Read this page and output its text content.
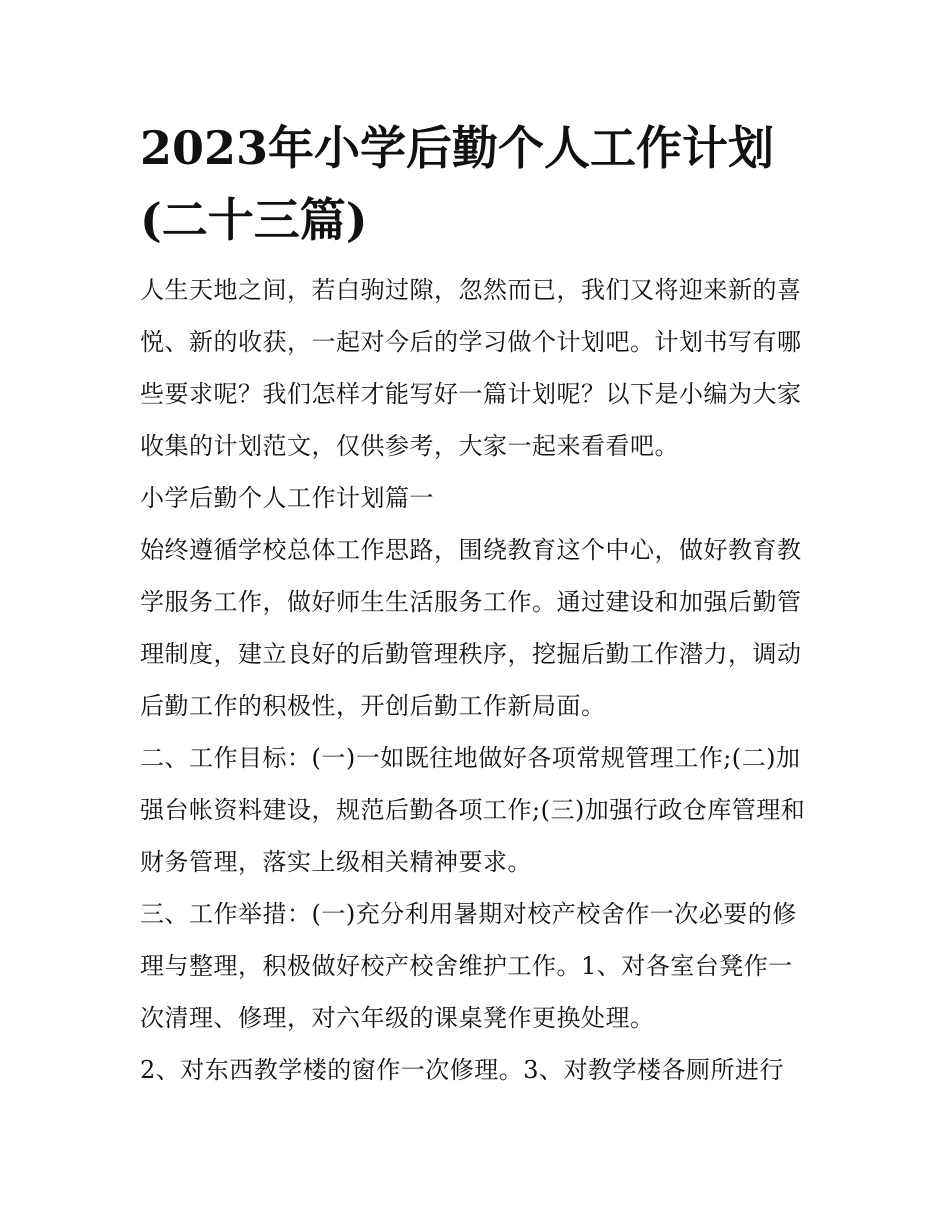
2023年小学后勤个人工作计划
(二十三篇)

人生天地之间，若白驹过隙，忽然而已，我们又将迎来新的喜悦、新的收获，一起对今后的学习做个计划吧。计划书写有哪些要求呢？我们怎样才能写好一篇计划呢？以下是小编为大家收集的计划范文，仅供参考，大家一起来看看吧。

小学后勤个人工作计划篇一

始终遵循学校总体工作思路，围绕教育这个中心，做好教育教学服务工作，做好师生生活服务工作。通过建设和加强后勤管理制度，建立良好的后勤管理秩序，挖掘后勤工作潜力，调动后勤工作的积极性，开创后勤工作新局面。

二、工作目标：(一)一如既往地做好各项常规管理工作;(二)加强台帐资料建设，规范后勤各项工作;(三)加强行政仓库管理和财务管理，落实上级相关精神要求。

三、工作举措：(一)充分利用暑期对校产校舍作一次必要的修理与整理，积极做好校产校舍维护工作。1、对各室台凳作一次清理、修理，对六年级的课桌凳作更换处理。

2、对东西教学楼的窗作一次修理。3、对教学楼各厕所进行
